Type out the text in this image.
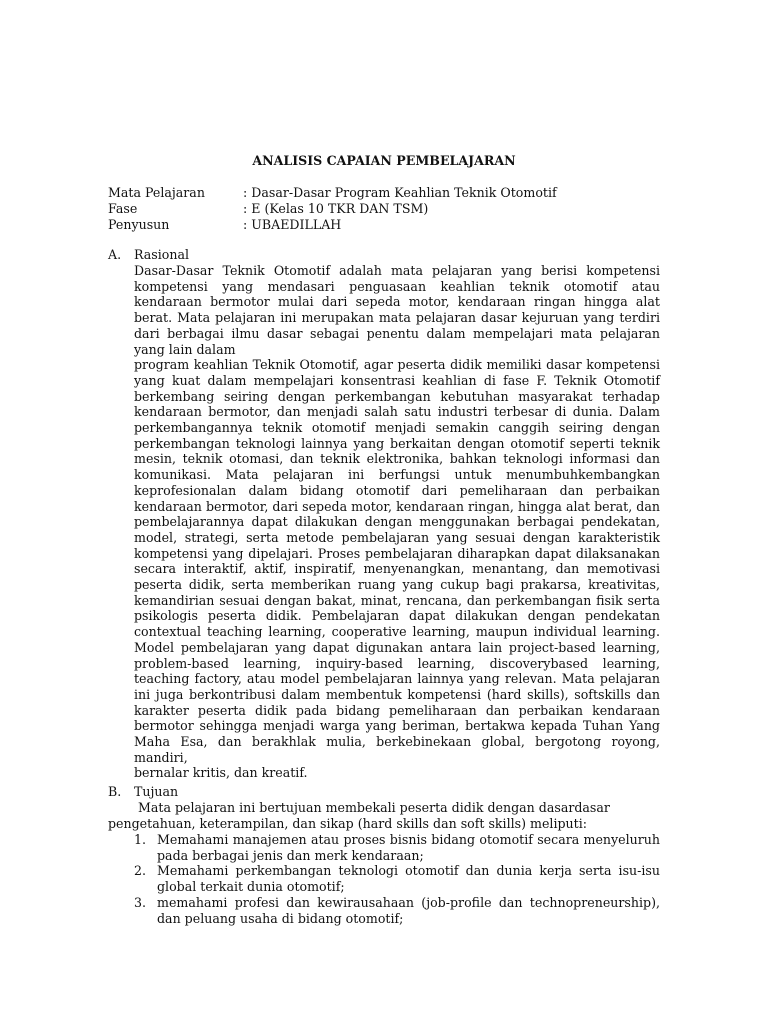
ANALISIS CAPAIAN PEMBELAJARAN
Mata Pelajaran	: Dasar-Dasar Program Keahlian Teknik Otomotif
Fase	: E (Kelas 10 TKR DAN TSM)
Penyusun	: UBAEDILLAH
A. Rasional
Dasar-Dasar Teknik Otomotif adalah mata pelajaran yang berisi kompetensi
kompetensi yang mendasari penguasaan keahlian teknik otomotif atau
kendaraan bermotor mulai dari sepeda motor, kendaraan ringan hingga alat
berat. Mata pelajaran ini merupakan mata pelajaran dasar kejuruan yang terdiri
dari berbagai ilmu dasar sebagai penentu dalam mempelajari mata pelajaran
yang lain dalam
program keahlian Teknik Otomotif, agar peserta didik memiliki dasar kompetensi
yang kuat dalam mempelajari konsentrasi keahlian di fase F. Teknik Otomotif
berkembang seiring dengan perkembangan kebutuhan masyarakat terhadap
kendaraan bermotor, dan menjadi salah satu industri terbesar di dunia. Dalam
perkembangannya teknik otomotif menjadi semakin canggih seiring dengan
perkembangan teknologi lainnya yang berkaitan dengan otomotif seperti teknik
mesin, teknik otomasi, dan teknik elektronika, bahkan teknologi informasi dan
komunikasi. Mata pelajaran ini berfungsi untuk menumbuhkembangkan
keprofesionalan dalam bidang otomotif dari pemeliharaan dan perbaikan
kendaraan bermotor, dari sepeda motor, kendaraan ringan, hingga alat berat, dan
pembelajarannya dapat dilakukan dengan menggunakan berbagai pendekatan,
model, strategi, serta metode pembelajaran yang sesuai dengan karakteristik
kompetensi yang dipelajari. Proses pembelajaran diharapkan dapat dilaksanakan
secara interaktif, aktif, inspiratif, menyenangkan, menantang, dan memotivasi
peserta didik, serta memberikan ruang yang cukup bagi prakarsa, kreativitas,
kemandirian sesuai dengan bakat, minat, rencana, dan perkembangan fisik serta
psikologis peserta didik. Pembelajaran dapat dilakukan dengan pendekatan
contextual teaching learning, cooperative learning, maupun individual learning.
Model pembelajaran yang dapat digunakan antara lain project-based learning,
problem-based learning, inquiry-based learning, discoverybased learning,
teaching factory, atau model pembelajaran lainnya yang relevan. Mata pelajaran
ini juga berkontribusi dalam membentuk kompetensi (hard skills), softskills dan
karakter peserta didik pada bidang pemeliharaan dan perbaikan kendaraan
bermotor sehingga menjadi warga yang beriman, bertakwa kepada Tuhan Yang
Maha Esa, dan berakhlak mulia, berkebinekaan global, bergotong royong,
mandiri,
bernalar kritis, dan kreatif.
B. Tujuan
Mata pelajaran ini bertujuan membekali peserta didik dengan dasardasar
pengetahuan, keterampilan, dan sikap (hard skills dan soft skills) meliputi:
1. Memahami manajemen atau proses bisnis bidang otomotif secara menyeluruh
pada berbagai jenis dan merk kendaraan;
2. Memahami perkembangan teknologi otomotif dan dunia kerja serta isu-isu
global terkait dunia otomotif;
3. memahami profesi dan kewirausahaan (job-profile dan technopreneurship),
dan peluang usaha di bidang otomotif;
